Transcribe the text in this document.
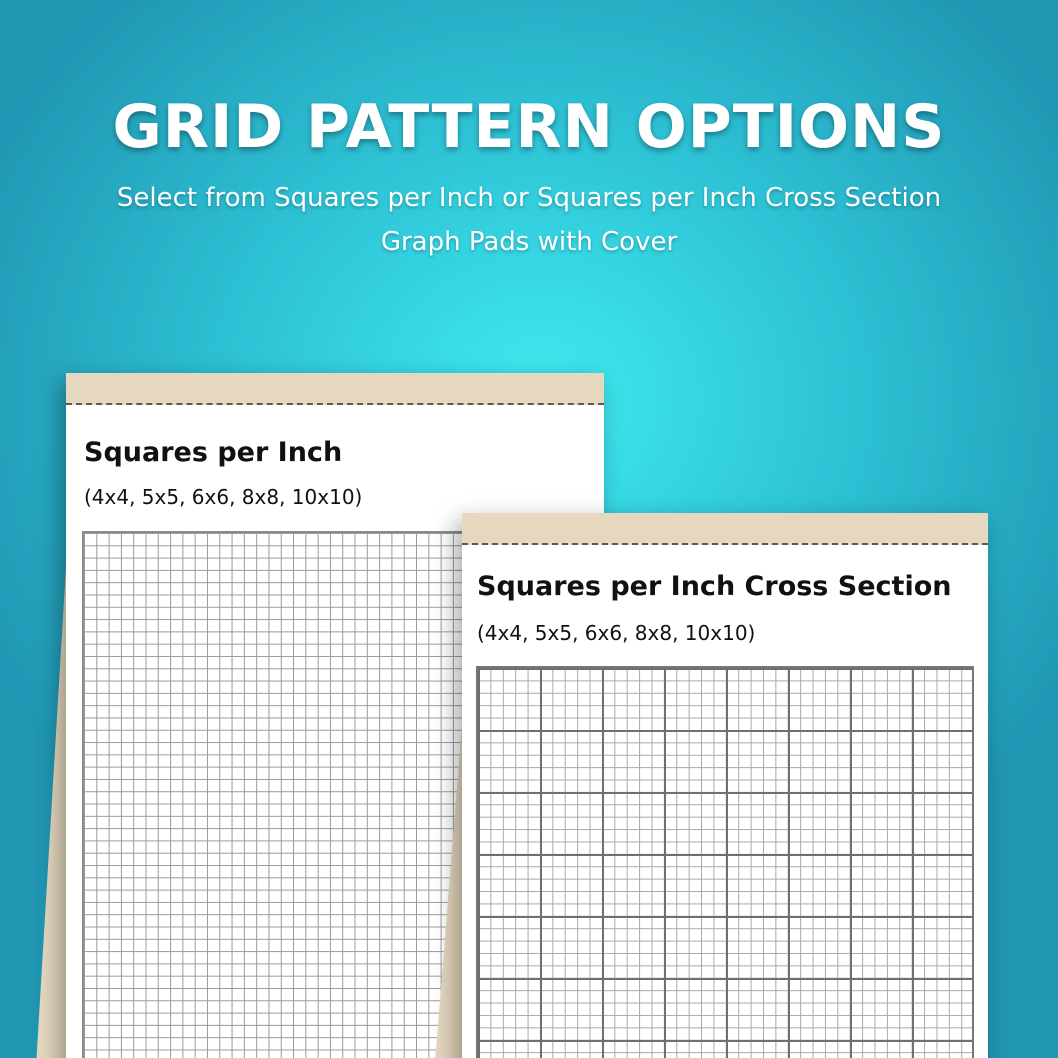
GRID PATTERN OPTIONS
Select from Squares per Inch or Squares per Inch Cross Section
Graph Pads with Cover
Squares per Inch
(4x4, 5x5, 6x6, 8x8, 10x10)
Squares per Inch Cross Section
(4x4, 5x5, 6x6, 8x8, 10x10)
